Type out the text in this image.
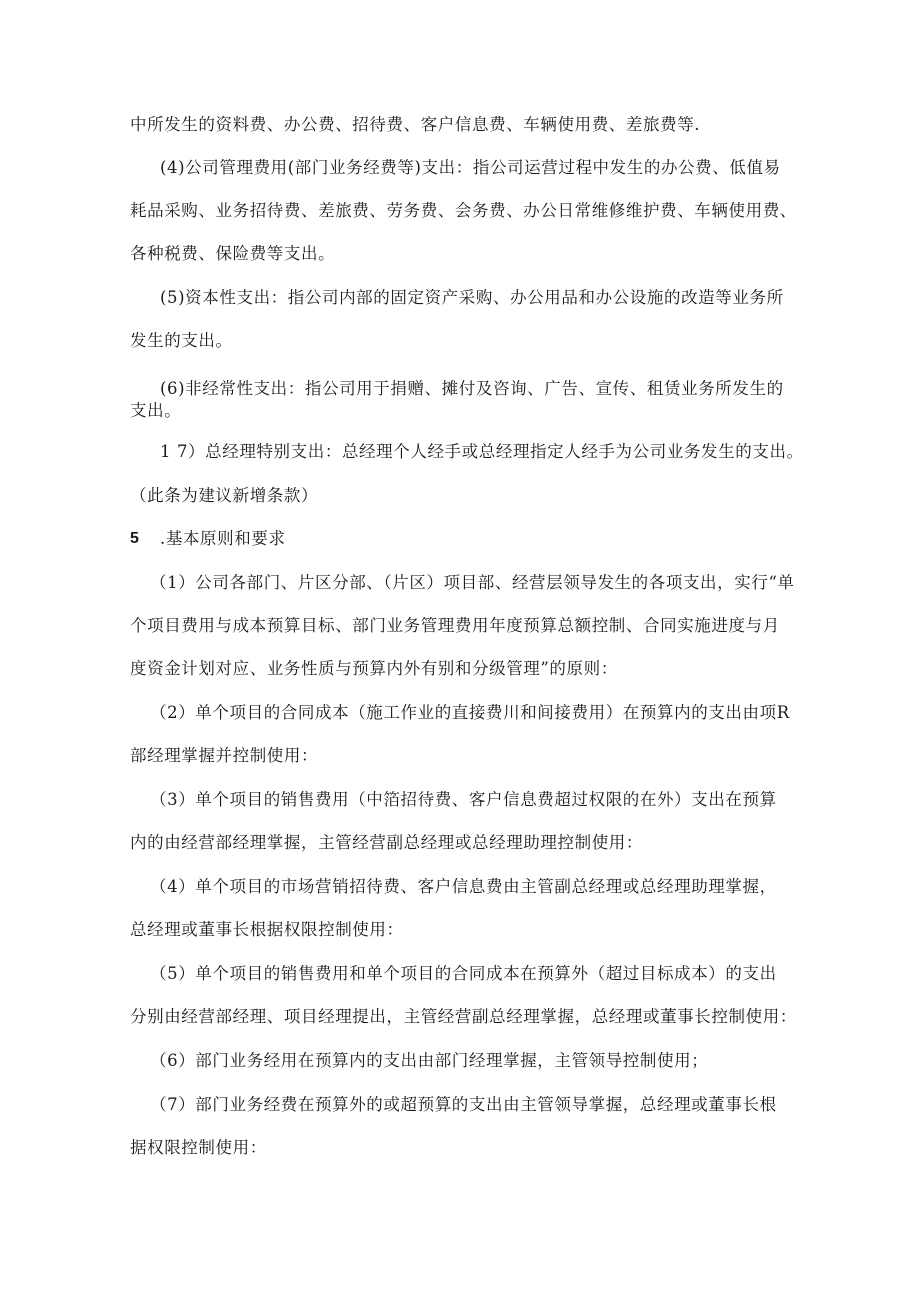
中所发生的资料费、办公费、招待费、客户信息费、车辆使用费、差旅费等.
(4)公司管理费用(部门业务经费等)支出：指公司运营过程中发生的办公费、低值易
耗品采购、业务招待费、差旅费、劳务费、会务费、办公日常维修维护费、车辆使用费、
各种税费、保险费等支出。
(5)资本性支出：指公司内部的固定资产采购、办公用品和办公设施的改造等业务所
发生的支出。
(6)非经常性支出：指公司用于捐赠、摊付及咨询、广告、宣传、租赁业务所发生的
支出。
1 7）总经理特别支出：总经理个人经手或总经理指定人经手为公司业务发生的支出。
（此条为建议新增条款）
5 .基本原则和要求
（1）公司各部门、片区分部、（片区）项目部、经营层领导发生的各项支出，实行“单
个项目费用与成本预算目标、部门业务管理费用年度预算总额控制、合同实施进度与月
度资金计划对应、业务性质与预算内外有别和分级管理”的原则：
（2）单个项目的合同成本（施工作业的直接费川和间接费用）在预算内的支出由项R
部经理掌握并控制使用：
（3）单个项目的销售费用（中箔招待费、客户信息费超过权限的在外）支出在预算
内的由经营部经理掌握，主管经营副总经理或总经理助理控制使用：
（4）单个项目的市场营销招待费、客户信息费由主管副总经理或总经理助理掌握，
总经理或董事长根据权限控制使用：
（5）单个项目的销售费用和单个项目的合同成本在预算外（超过目标成本）的支出
分别由经营部经理、项目经理提出，主管经营副总经理掌握，总经理或董事长控制使用：
（6）部门业务经用在预算内的支出由部门经理掌握，主管领导控制使用；
（7）部门业务经费在预算外的或超预算的支出由主管领导掌握，总经理或董事长根
据权限控制使用：
